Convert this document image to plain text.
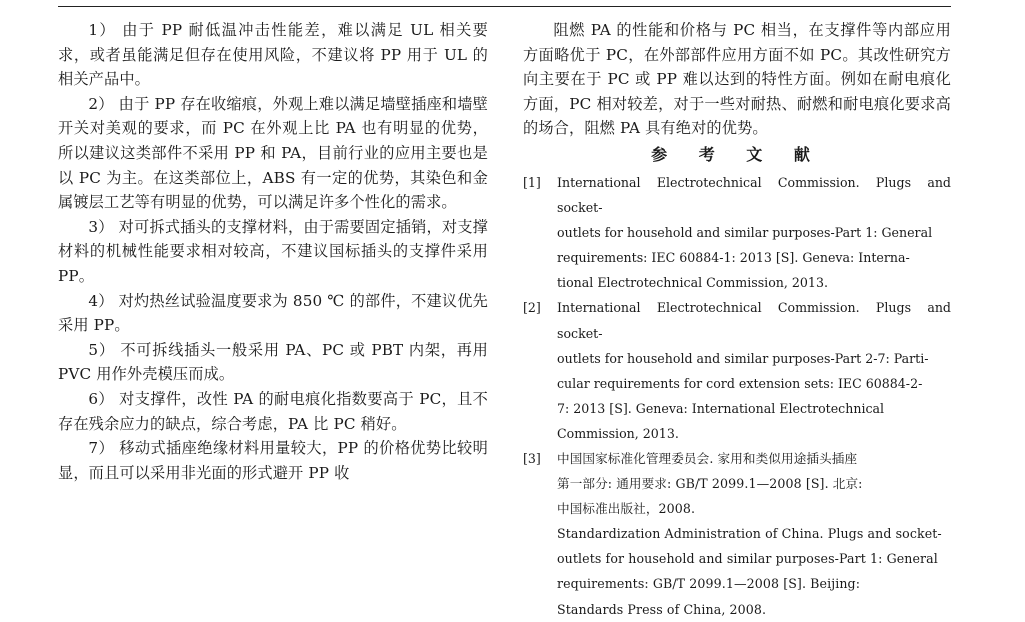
1） 由于 PP 耐低温冲击性能差，难以满足 UL 相关要求，或者虽能满足但存在使用风险，不建议将 PP 用于 UL 的相关产品中。

2） 由于 PP 存在收缩痕，外观上难以满足墙壁插座和墙壁开关对美观的要求，而 PC 在外观上比 PA 也有明显的优势，所以建议这类部件不采用 PP 和 PA，目前行业的应用主要也是以 PC 为主。在这类部位上，ABS 有一定的优势，其染色和金属镀层工艺等有明显的优势，可以满足许多个性化的需求。

3） 对可拆式插头的支撑材料，由于需要固定插销，对支撑材料的机械性能要求相对较高，不建议国标插头的支撑件采用 PP。

4） 对灼热丝试验温度要求为 850 ℃ 的部件，不建议优先采用 PP。

5） 不可拆线插头一般采用 PA、PC 或 PBT 内架，再用 PVC 用作外壳模压而成。

6） 对支撑件，改性 PA 的耐电痕化指数要高于 PC，且不存在残余应力的缺点，综合考虑，PA 比 PC 稍好。

7） 移动式插座绝缘材料用量较大，PP 的价格优势比较明显，而且可以采用非光面的形式避开 PP 收

阻燃 PA 的性能和价格与 PC 相当，在支撑件等内部应用方面略优于 PC，在外部部件应用方面不如 PC。其改性研究方向主要在于 PC 或 PP 难以达到的特性方面。例如在耐电痕化方面，PC 相对较差，对于一些对耐热、耐燃和耐电痕化要求高的场合，阻燃 PA 具有绝对的优势。

参 考 文 献
[1] International Electrotechnical Commission. Plugs and socket-
outlets for household and similar purposes-Part 1: General
requirements: IEC 60884-1: 2013 [S]. Geneva: Interna-
tional Electrotechnical Commission, 2013.
[2] International Electrotechnical Commission. Plugs and socket-
outlets for household and similar purposes-Part 2-7: Parti-
cular requirements for cord extension sets: IEC 60884-2-
7: 2013 [S]. Geneva: International Electrotechnical
Commission, 2013.
[3] 中国国家标准化管理委员会. 家用和类似用途插头插座
第一部分: 通用要求: GB/T 2099.1—2008 [S]. 北京:
中国标准出版社，2008.
Standardization Administration of China. Plugs and socket-
outlets for household and similar purposes-Part 1: General
requirements: GB/T 2099.1—2008 [S]. Beijing:
Standards Press of China, 2008.
